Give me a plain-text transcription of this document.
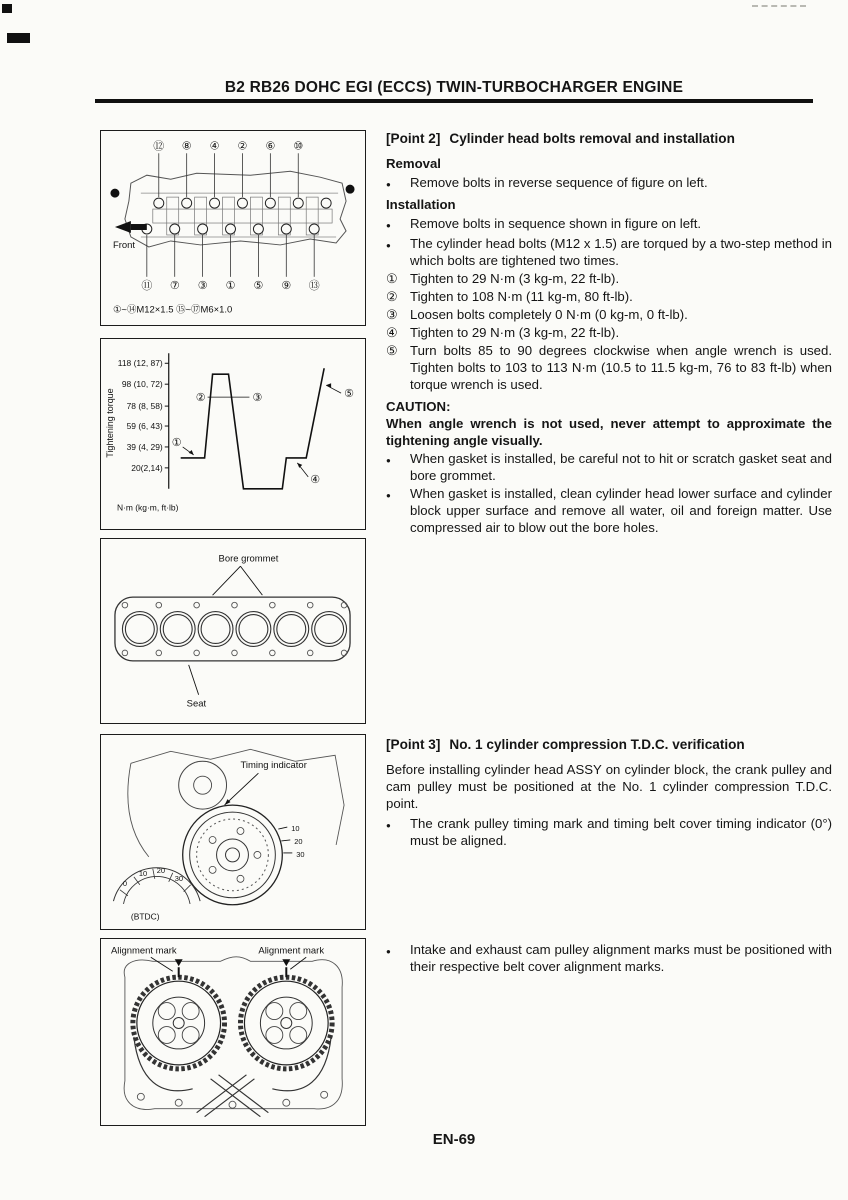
B2 RB26 DOHC EGI (ECCS) TWIN-TURBOCHARGER ENGINE
⑫ ⑧ ④ ② ⑥ ⑩
⑪ ⑦ ③ ① ⑤ ⑨ ⑬
Front
①~⑭M12×1.5 ⑮~⑰M6×1.0
118 (12, 87)
98 (10, 72)
78 (8, 58)
59 (6, 43)
39 (4, 29)
20(2,14)
Tightening torque	①
②	③
④
⑤
N·m (kg·m, ft·lb)
Bore grommet
Seat
10
20
30
Timing indicator
0
10 20
30
(BTDC)
Alignment mark	Alignment mark
[Point 2] Cylinder head bolts removal and installation
Removal
●	Remove bolts in reverse sequence of figure on left.
Installation
●	Remove bolts in sequence shown in figure on left.
●	The cylinder head bolts (M12 x 1.5) are torqued by a two-step method in which bolts are tightened two times.
① Tighten to 29 N·m (3 kg-m, 22 ft-lb).
② Tighten to 108 N·m (11 kg-m, 80 ft-lb).
③ Loosen bolts completely 0 N·m (0 kg-m, 0 ft-lb).
④ Tighten to 29 N·m (3 kg-m, 22 ft-lb).
⑤ Turn bolts 85 to 90 degrees clockwise when angle wrench is used. Tighten bolts to 103 to 113 N·m (10.5 to 11.5 kg-m, 76 to 83 ft-lb) when torque wrench is used.
CAUTION:
When angle wrench is not used, never attempt to approximate the tightening angle visually.
●	When gasket is installed, be careful not to hit or scratch gasket seat and bore grommet.
●	When gasket is installed, clean cylinder head lower surface and cylinder block upper surface and remove all water, oil and foreign matter. Use compressed air to blow out the bore holes.
[Point 3] No. 1 cylinder compression T.D.C. verification
Before installing cylinder head ASSY on cylinder block, the crank pulley and cam pulley must be positioned at the No. 1 cylinder compression T.D.C. point.
●	The crank pulley timing mark and timing belt cover timing indicator (0°) must be aligned.
●	Intake and exhaust cam pulley alignment marks must be positioned with their respective belt cover alignment marks.
EN-69
